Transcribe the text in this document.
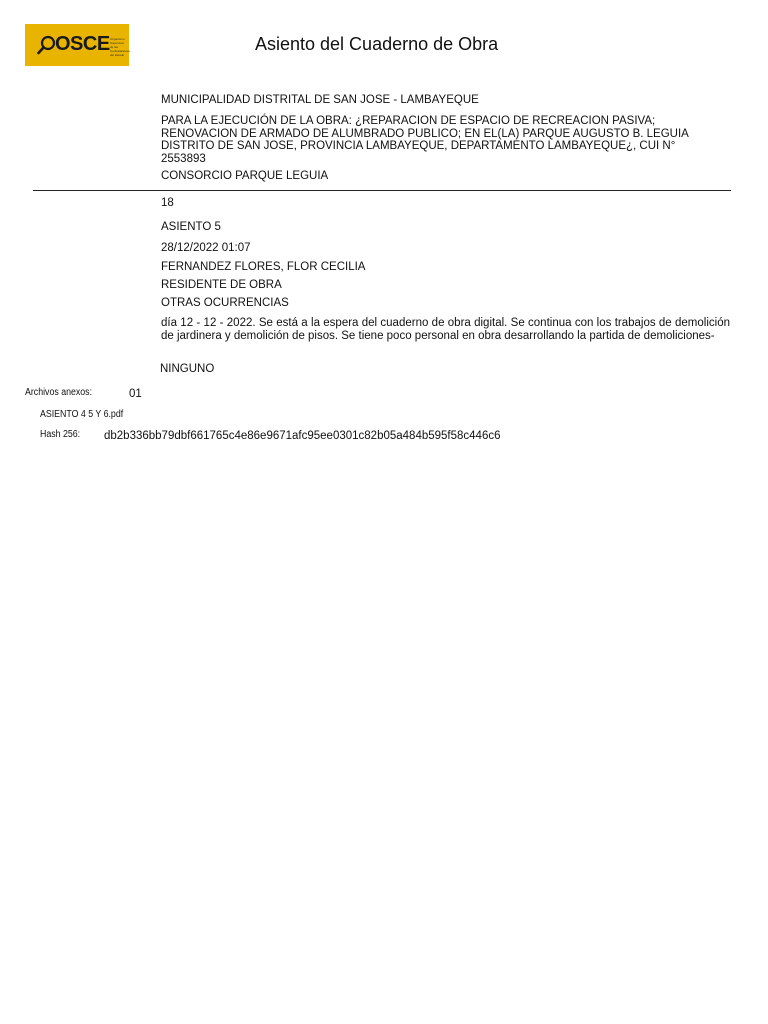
OSCE Organismo Supervisor de las Contrataciones del Estado
Asiento del Cuaderno de Obra
MUNICIPALIDAD DISTRITAL DE SAN JOSE - LAMBAYEQUE
PARA LA EJECUCIÓN DE LA OBRA: ¿REPARACION DE ESPACIO DE RECREACION PASIVA; RENOVACION DE ARMADO DE ALUMBRADO PUBLICO; EN EL(LA) PARQUE AUGUSTO B. LEGUIA DISTRITO DE SAN JOSE, PROVINCIA LAMBAYEQUE, DEPARTAMENTO LAMBAYEQUE¿, CUI N° 2553893
CONSORCIO PARQUE LEGUIA
18
ASIENTO 5
28/12/2022 01:07
FERNANDEZ FLORES, FLOR CECILIA
RESIDENTE DE OBRA
OTRAS OCURRENCIAS
día 12 - 12 - 2022. Se está a la espera del cuaderno de obra digital. Se continua con los trabajos de demolición de jardinera y demolición de pisos. Se tiene poco personal en obra desarrollando la partida de demoliciones-
NINGUNO
Archivos anexos:	01
ASIENTO 4 5 Y 6.pdf
Hash 256: db2b336bb79dbf661765c4e86e9671afc95ee0301c82b05a484b595f58c446c6
